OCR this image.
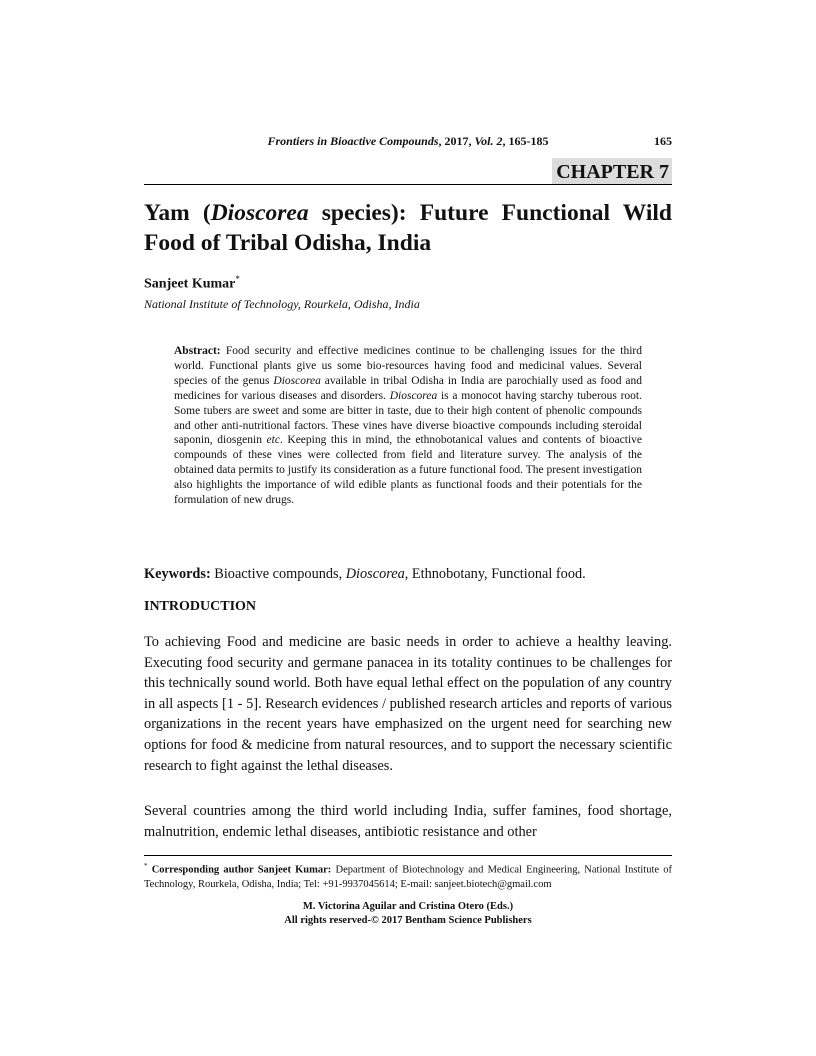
Frontiers in Bioactive Compounds, 2017, Vol. 2, 165-185	165
CHAPTER 7
Yam (Dioscorea species): Future Functional Wild Food of Tribal Odisha, India
Sanjeet Kumar*
National Institute of Technology, Rourkela, Odisha, India
Abstract: Food security and effective medicines continue to be challenging issues for the third world. Functional plants give us some bio-resources having food and medicinal values. Several species of the genus Dioscorea available in tribal Odisha in India are parochially used as food and medicines for various diseases and disorders. Dioscorea is a monocot having starchy tuberous root. Some tubers are sweet and some are bitter in taste, due to their high content of phenolic compounds and other anti-nutritional factors. These vines have diverse bioactive compounds including steroidal saponin, diosgenin etc. Keeping this in mind, the ethnobotanical values and contents of bioactive compounds of these vines were collected from field and literature survey. The analysis of the obtained data permits to justify its consideration as a future functional food. The present investigation also highlights the importance of wild edible plants as functional foods and their potentials for the formulation of new drugs.
Keywords: Bioactive compounds, Dioscorea, Ethnobotany, Functional food.
INTRODUCTION

To achieving Food and medicine are basic needs in order to achieve a healthy leaving. Executing food security and germane panacea in its totality continues to be challenges for this technically sound world. Both have equal lethal effect on the population of any country in all aspects [1 - 5]. Research evidences / published research articles and reports of various organizations in the recent years have emphasized on the urgent need for searching new options for food & medicine from natural resources, and to support the necessary scientific research to fight against the lethal diseases.

Several countries among the third world including India, suffer famines, food shortage, malnutrition, endemic lethal diseases, antibiotic resistance and other

* Corresponding author Sanjeet Kumar: Department of Biotechnology and Medical Engineering, National Institute of Technology, Rourkela, Odisha, India; Tel: +91-9937045614; E-mail: sanjeet.biotech@gmail.com
M. Victorina Aguilar and Cristina Otero (Eds.)
All rights reserved-© 2017 Bentham Science Publishers
